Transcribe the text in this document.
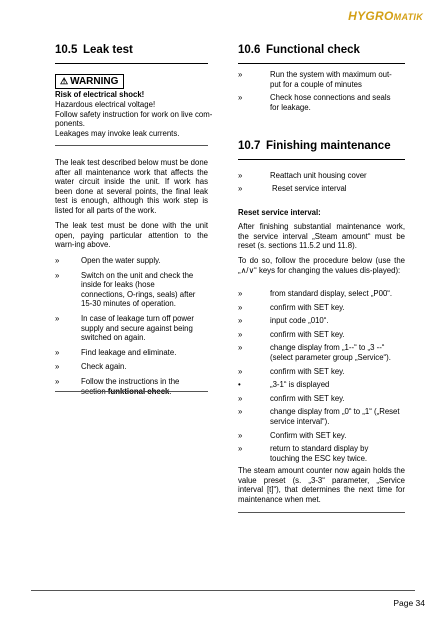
HYGROMATIK
10.5 Leak test
⚠ WARNING
Risk of electrical shock!
Hazardous electrical voltage!
Follow safety instruction for work on live com-
ponents.
Leakages may invoke leak currents.
The leak test described below must be done after all maintenance work that affects the water circuit inside the unit. If work has been done at several points, the final leak test is enough, although this work step is listed for all parts of the work.
The leak test must be done with the unit open, paying particular attention to the warn-ing above.
»	Open the water supply.
»	Switch on the unit and check the inside for leaks (hose connections, O-rings, seals) after 15-30 minutes of operation.
»	In case of leakage turn off power supply and secure against being switched on again.
»	Find leakage and eliminate.
»	Check again.
»	Follow the instructions in the section funktional check.
10.6 Functional check
»	Run the system with maximum out-put for a couple of minutes
»	Check hose connections and seals for leakage.
10.7 Finishing maintenance
»	Reattach unit housing cover
»	Reset service interval
Reset service interval:
After finishing substantial maintenance work, the service interval „Steam amount“ must be reset (s. sections 11.5.2 und 11.8).
To do so, follow the procedure below (use the „∧/∨“ keys for changing the values dis-played):
»	from standard display, select „P00“.
»	confirm with SET key.
»	input code „010“.
»	confirm with SET key.
»	change display from „1--“ to „3 --“ (select parameter group „Service“).
»	confirm with SET key.
•	„3-1“ is displayed
»	confirm with SET key.
»	change display from „0“ to „1“ („Reset service interval“).
»	Confirm with SET key.
»	return to standard display by touching the ESC key twice.
The steam amount counter now again holds the value preset (s. „3-3“ parameter, „Service interval [t]“), that determines the next time for maintenance when met.
Page 34
